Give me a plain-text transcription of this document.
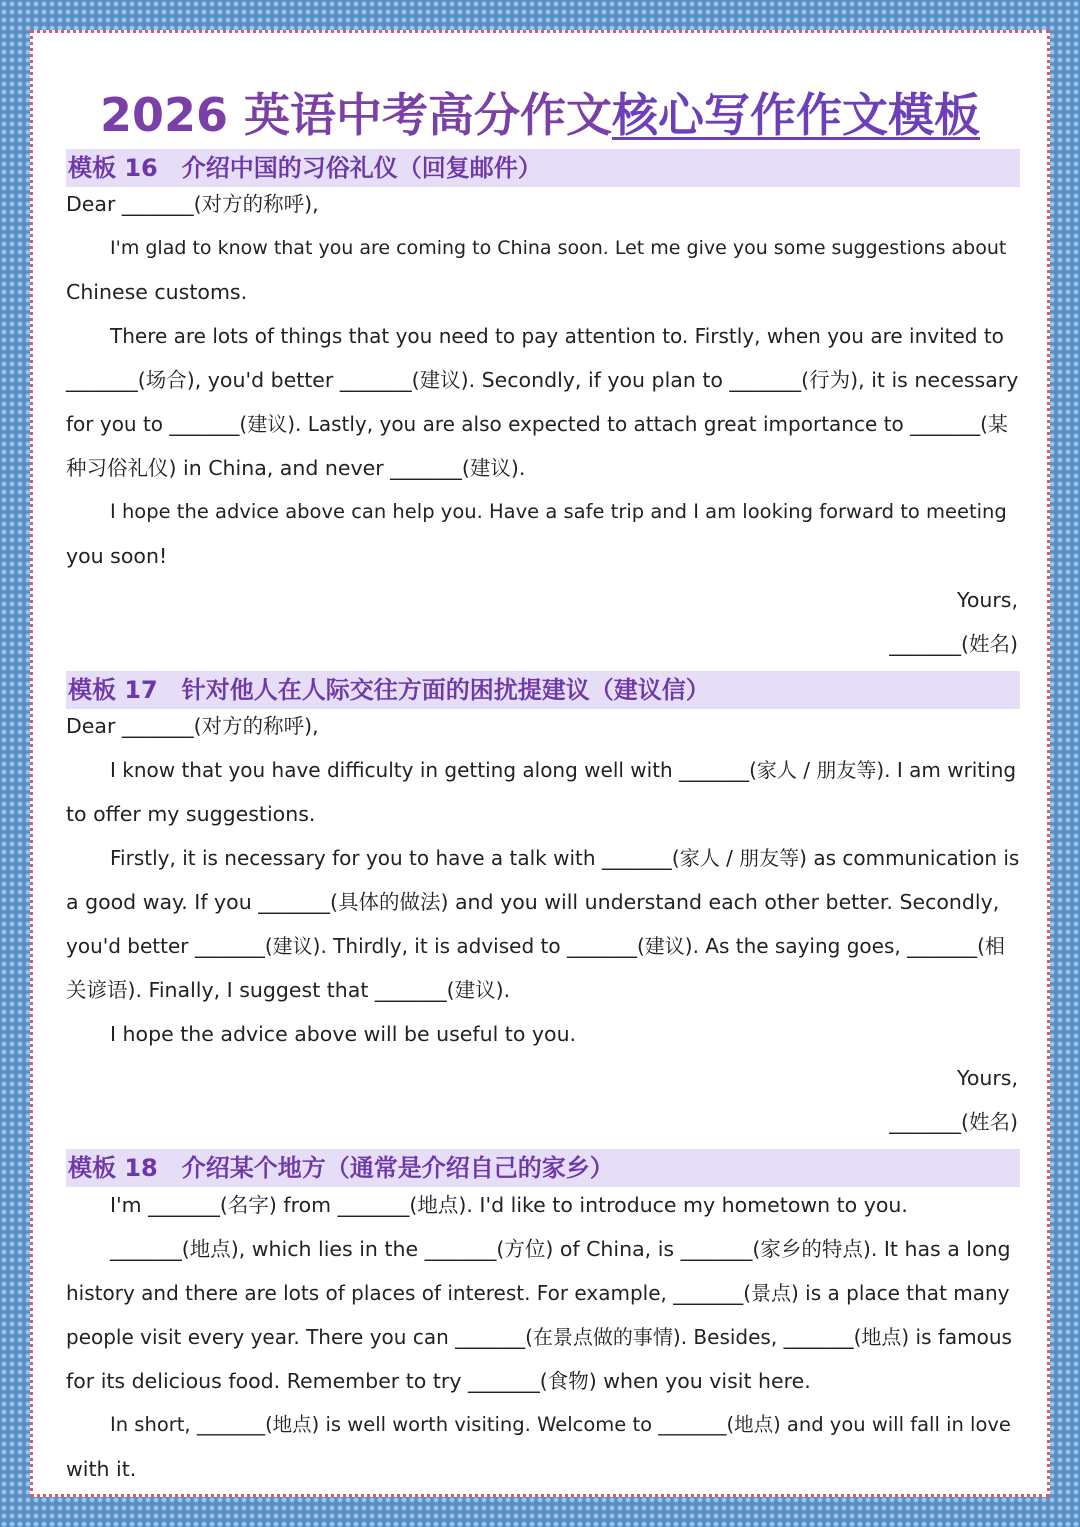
2026 英语中考高分作文核心写作作文模板
模板 16　介绍中国的习俗礼仪（回复邮件）
Dear _______(对方的称呼),
I'm glad to know that you are coming to China soon. Let me give you some suggestions about
Chinese customs.
There are lots of things that you need to pay attention to. Firstly, when you are invited to
_______(场合), you'd better _______(建议). Secondly, if you plan to _______(行为), it is necessary
for you to _______(建议). Lastly, you are also expected to attach great importance to _______(某
种习俗礼仪) in China, and never _______(建议).
I hope the advice above can help you. Have a safe trip and I am looking forward to meeting
you soon!
Yours,
_______(姓名)
模板 17　针对他人在人际交往方面的困扰提建议（建议信）
Dear _______(对方的称呼),
I know that you have difficulty in getting along well with _______(家人 / 朋友等). I am writing
to offer my suggestions.
Firstly, it is necessary for you to have a talk with _______(家人 / 朋友等) as communication is
a good way. If you _______(具体的做法) and you will understand each other better. Secondly,
you'd better _______(建议). Thirdly, it is advised to _______(建议). As the saying goes, _______(相
关谚语). Finally, I suggest that _______(建议).
I hope the advice above will be useful to you.
Yours,
_______(姓名)
模板 18　介绍某个地方（通常是介绍自己的家乡）
I'm _______(名字) from _______(地点). I'd like to introduce my hometown to you.
_______(地点), which lies in the _______(方位) of China, is _______(家乡的特点). It has a long
history and there are lots of places of interest. For example, _______(景点) is a place that many
people visit every year. There you can _______(在景点做的事情). Besides, _______(地点) is famous
for its delicious food. Remember to try _______(食物) when you visit here.
In short, _______(地点) is well worth visiting. Welcome to _______(地点) and you will fall in love
with it.
